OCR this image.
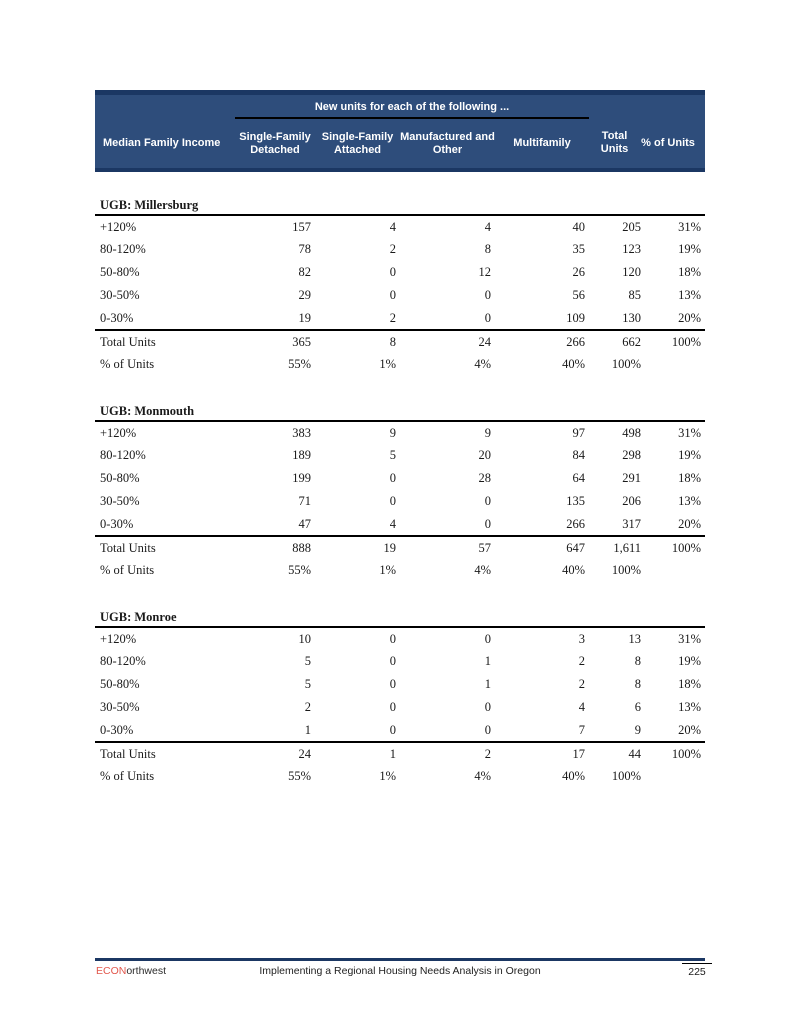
	New units for each of the following ...					
Median Family Income	Single-Family Detached	Single-Family Attached	Manufactured and Other	Multifamily	Total Units	% of Units
UGB: Millersburg						
+120%	157	4	4	40	205	31%
80-120%	78	2	8	35	123	19%
50-80%	82	0	12	26	120	18%
30-50%	29	0	0	56	85	13%
0-30%	19	2	0	109	130	20%
Total Units	365	8	24	266	662	100%
% of Units	55%	1%	4%	40%	100%	
UGB: Monmouth						
+120%	383	9	9	97	498	31%
80-120%	189	5	20	84	298	19%
50-80%	199	0	28	64	291	18%
30-50%	71	0	0	135	206	13%
0-30%	47	4	0	266	317	20%
Total Units	888	19	57	647	1,611	100%
% of Units	55%	1%	4%	40%	100%	
UGB: Monroe						
+120%	10	0	0	3	13	31%
80-120%	5	0	1	2	8	19%
50-80%	5	0	1	2	8	18%
30-50%	2	0	0	4	6	13%
0-30%	1	0	0	7	9	20%
Total Units	24	1	2	17	44	100%
% of Units	55%	1%	4%	40%	100%	
ECONorthwest	Implementing a Regional Housing Needs Analysis in Oregon	225
